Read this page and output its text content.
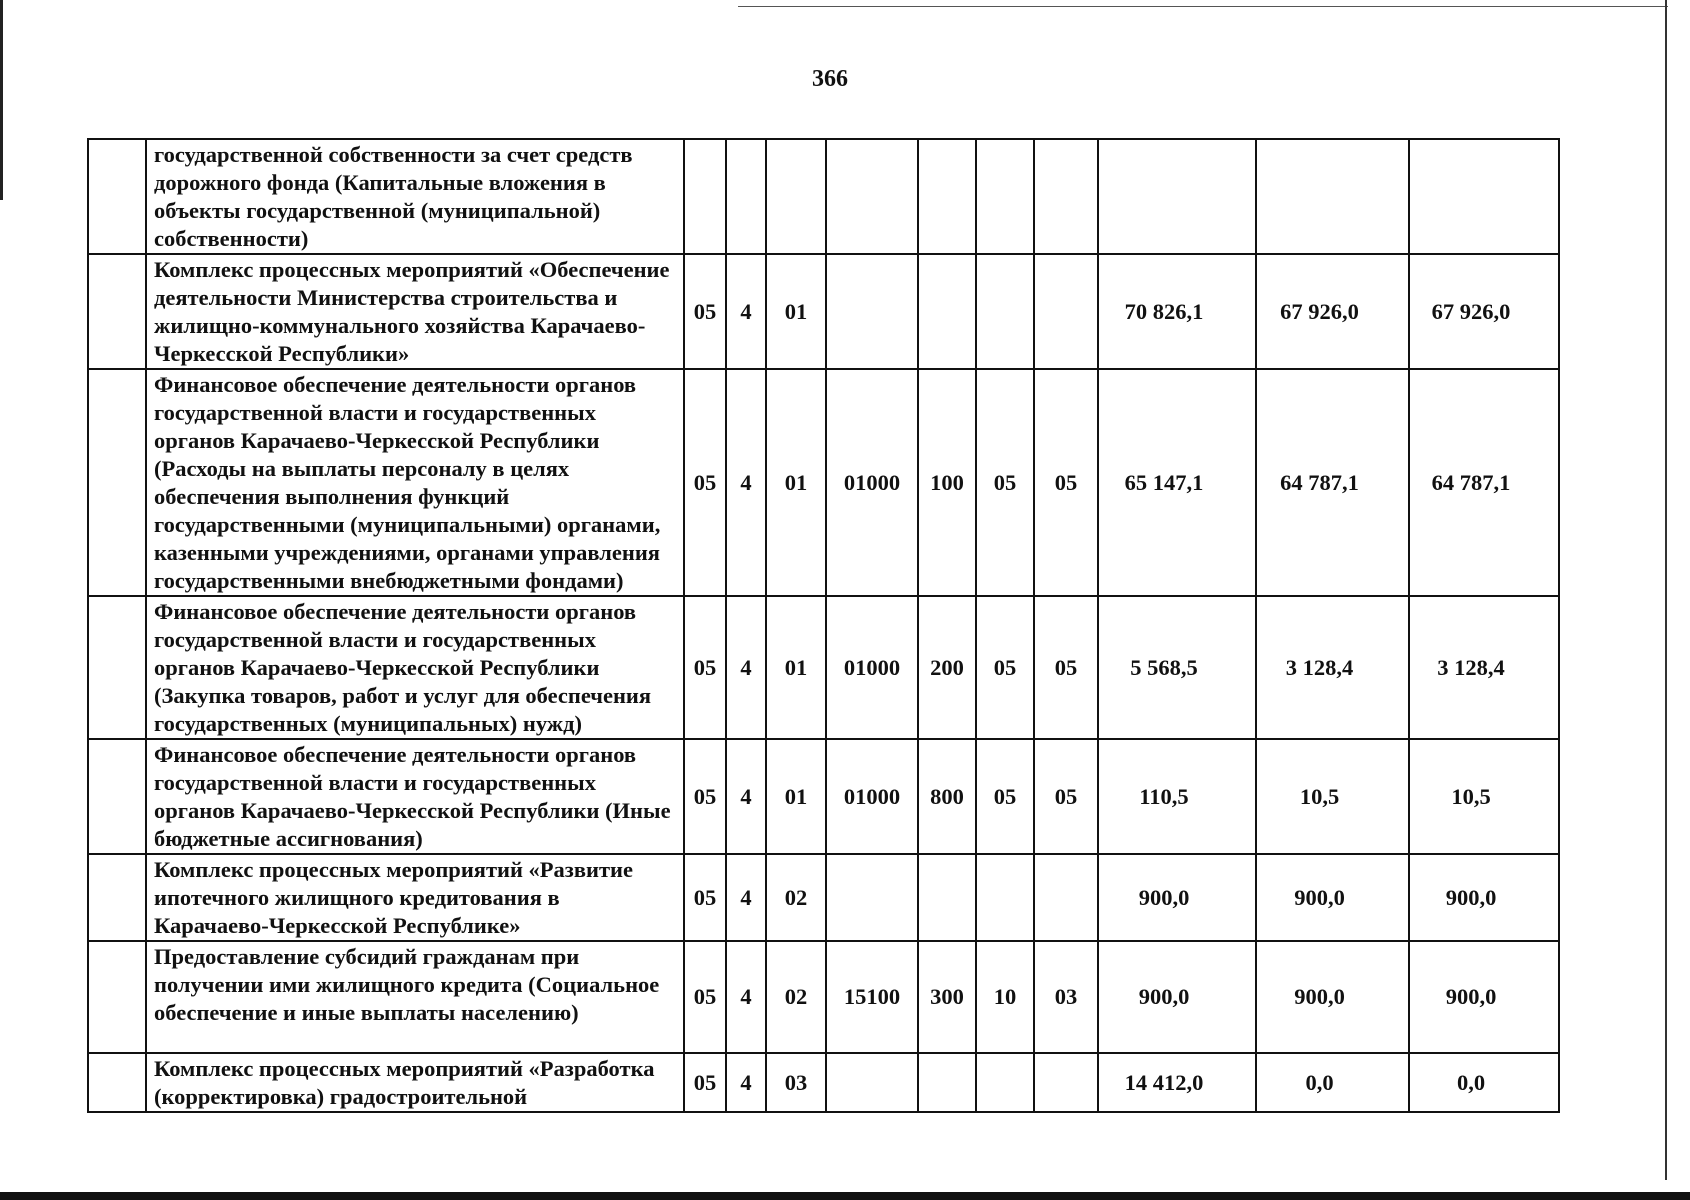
366
	государственной собственности за счет средств дорожного фонда (Капитальные вложения в объекты государственной (муниципальной) собственности)										
	Комплекс процессных мероприятий «Обеспечение деятельности Министерства строительства и жилищно-коммунального хозяйства Карачаево-Черкесской Республики»	05	4	01					70 826,1	67 926,0	67 926,0
	Финансовое обеспечение деятельности органов государственной власти и государственных органов Карачаево-Черкесской Республики (Расходы на выплаты персоналу в целях обеспечения выполнения функций государственными (муниципальными) органами, казенными учреждениями, органами управления государственными внебюджетными фондами)	05	4	01	01000	100	05	05	65 147,1	64 787,1	64 787,1
	Финансовое обеспечение деятельности органов государственной власти и государственных органов Карачаево-Черкесской Республики (Закупка товаров, работ и услуг для обеспечения государственных (муниципальных) нужд)	05	4	01	01000	200	05	05	5 568,5	3 128,4	3 128,4
	Финансовое обеспечение деятельности органов государственной власти и государственных органов Карачаево-Черкесской Республики (Иные бюджетные ассигнования)	05	4	01	01000	800	05	05	110,5	10,5	10,5
	Комплекс процессных мероприятий «Развитие ипотечного жилищного кредитования в Карачаево-Черкесской Республике»	05	4	02					900,0	900,0	900,0
	Предоставление субсидий гражданам при получении ими жилищного кредита (Социальное обеспечение и иные выплаты населению)	05	4	02	15100	300	10	03	900,0	900,0	900,0
	Комплекс процессных мероприятий «Разработка (корректировка) градостроительной	05	4	03					14 412,0	0,0	0,0
